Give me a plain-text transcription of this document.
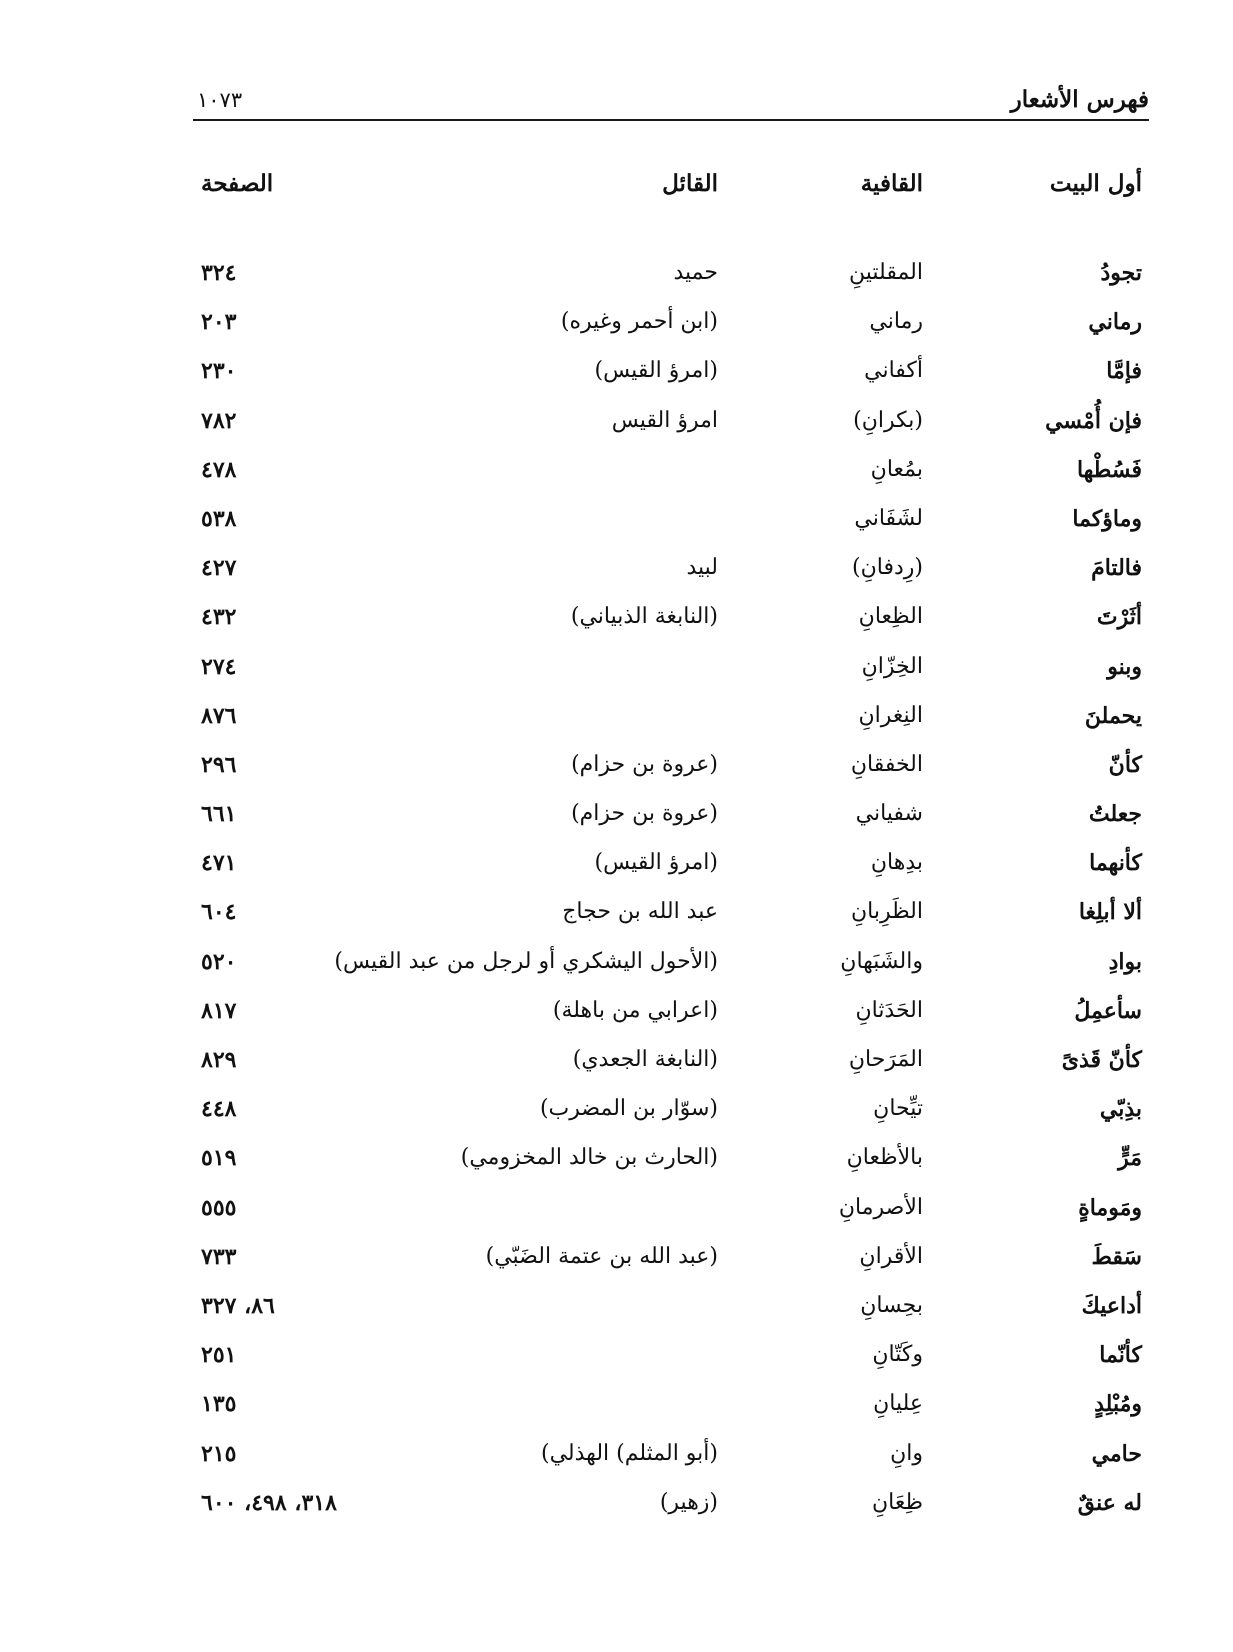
فهرس الأشعار
١٠٧٣
أول البيت
القافية
القائل
الصفحة
تجودُ
المقلتينِ
حميد
٣٢٤
رماني
رماني
(ابن أحمر وغيره)
٢٠٣
فإمَّا
أكفاني
(امرؤ القيس)
٢٣٠
فإن أُمْسي
(بكرانِ)
امرؤ القيس
٧٨٢
فَسُطْها
بمُعانِ
٤٧٨
وماؤكما
لشَفَاني
٥٣٨
فالتامَ
(رِدفانِ)
لبيد
٤٢٧
أثَرْتَ
الظِعانِ
(النابغة الذبياني)
٤٣٢
وبنو
الخِزّانِ
٢٧٤
يحملنَ
النِغرانِ
٨٧٦
كأنّ
الخفقانِ
(عروة بن حزام)
٢٩٦
جعلتُ
شفياني
(عروة بن حزام)
٦٦١
كأنهما
بدِهانِ
(امرؤ القيس)
٤٧١
ألا أبلِغا
الظَرِبانِ
عبد الله بن حجاج
٦٠٤
بوادِ
والشَبَهانِ
(الأحول اليشكري أو لرجل من عبد القيس)
٥٢٠
سأعمِلُ
الحَدَثانِ
(اعرابي من باهلة)
٨١٧
كأنّ قَذىً
المَرَحانِ
(النابغة الجعدي)
٨٢٩
بذِبّي
تيِّحانِ
(سوّار بن المضرب)
٤٤٨
مَرٍّ
بالأظعانِ
(الحارث بن خالد المخزومي)
٥١٩
ومَوماةٍ
الأصرمانِ
٥٥٥
سَقطَ
الأقرانِ
(عبد الله بن عتمة الضَبّي)
٧٣٣
أداعيكَ
بحِسانِ
٨٦، ٣٢٧
كأنّما
وكَتّانِ
٢٥١
ومُبْلِدٍ
عِليانِ
١٣٥
حامي
وانِ
(أبو المثلم) الهذلي)
٢١٥
له عنقٌ
ظِعَانِ
(زهير)
٣١٨، ٤٩٨، ٦٠٠
